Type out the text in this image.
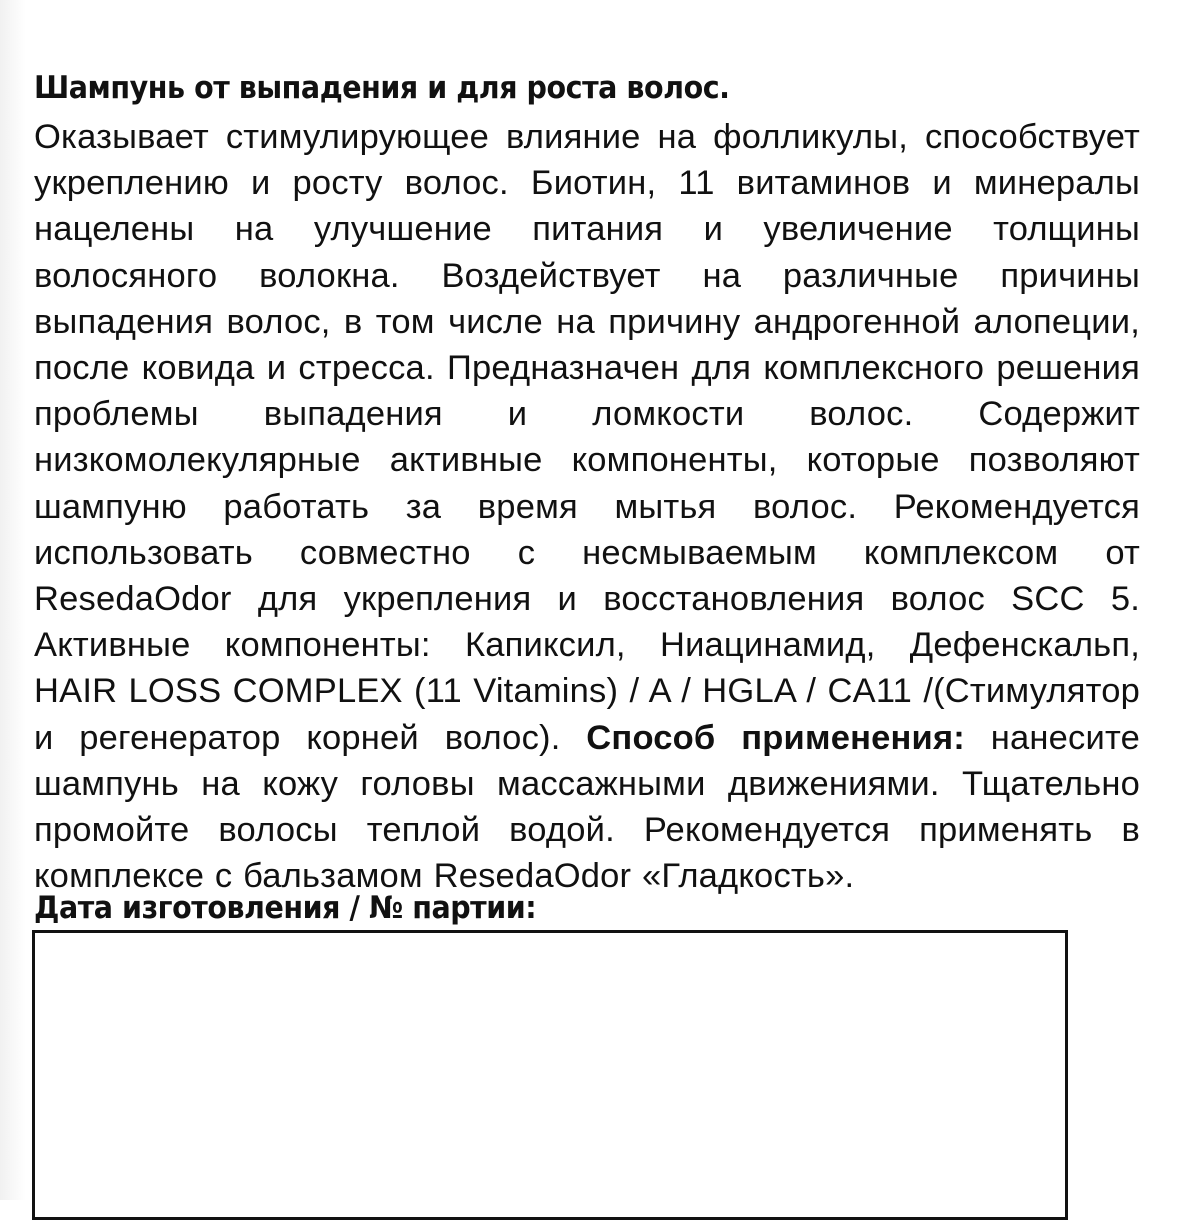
Шампунь от выпадения и для роста волос.

Оказывает стимулирующее влияние на фолликулы, способствует укреплению и росту волос. Биотин, 11 витаминов и минералы нацелены на улучшение питания и увеличение толщины волосяного волокна. Воздействует на различные причины выпадения волос, в том числе на причину андрогенной алопеции, после ковида и стресса. Предназначен для комплексного решения проблемы выпадения и ломкости волос. Содержит низкомолекулярные активные компоненты, которые позволяют шампуню работать за время мытья волос. Рекомендуется использовать совместно с несмываемым комплексом от ResedaOdor для укрепления и восстановления волос SCC 5. Активные компоненты: Капиксил, Ниацинамид, Дефенскальп, HAIR LOSS COMPLEX (11 Vitamins) / A / HGLA / CA11 /(Стимулятор и регенератор корней волос). Способ применения: нанесите шампунь на кожу головы массажными движениями. Тщательно промойте волосы теплой водой. Рекомендуется применять в комплексе с бальзамом ResedaOdor «Гладкость».

Дата изготовления / № партии:
